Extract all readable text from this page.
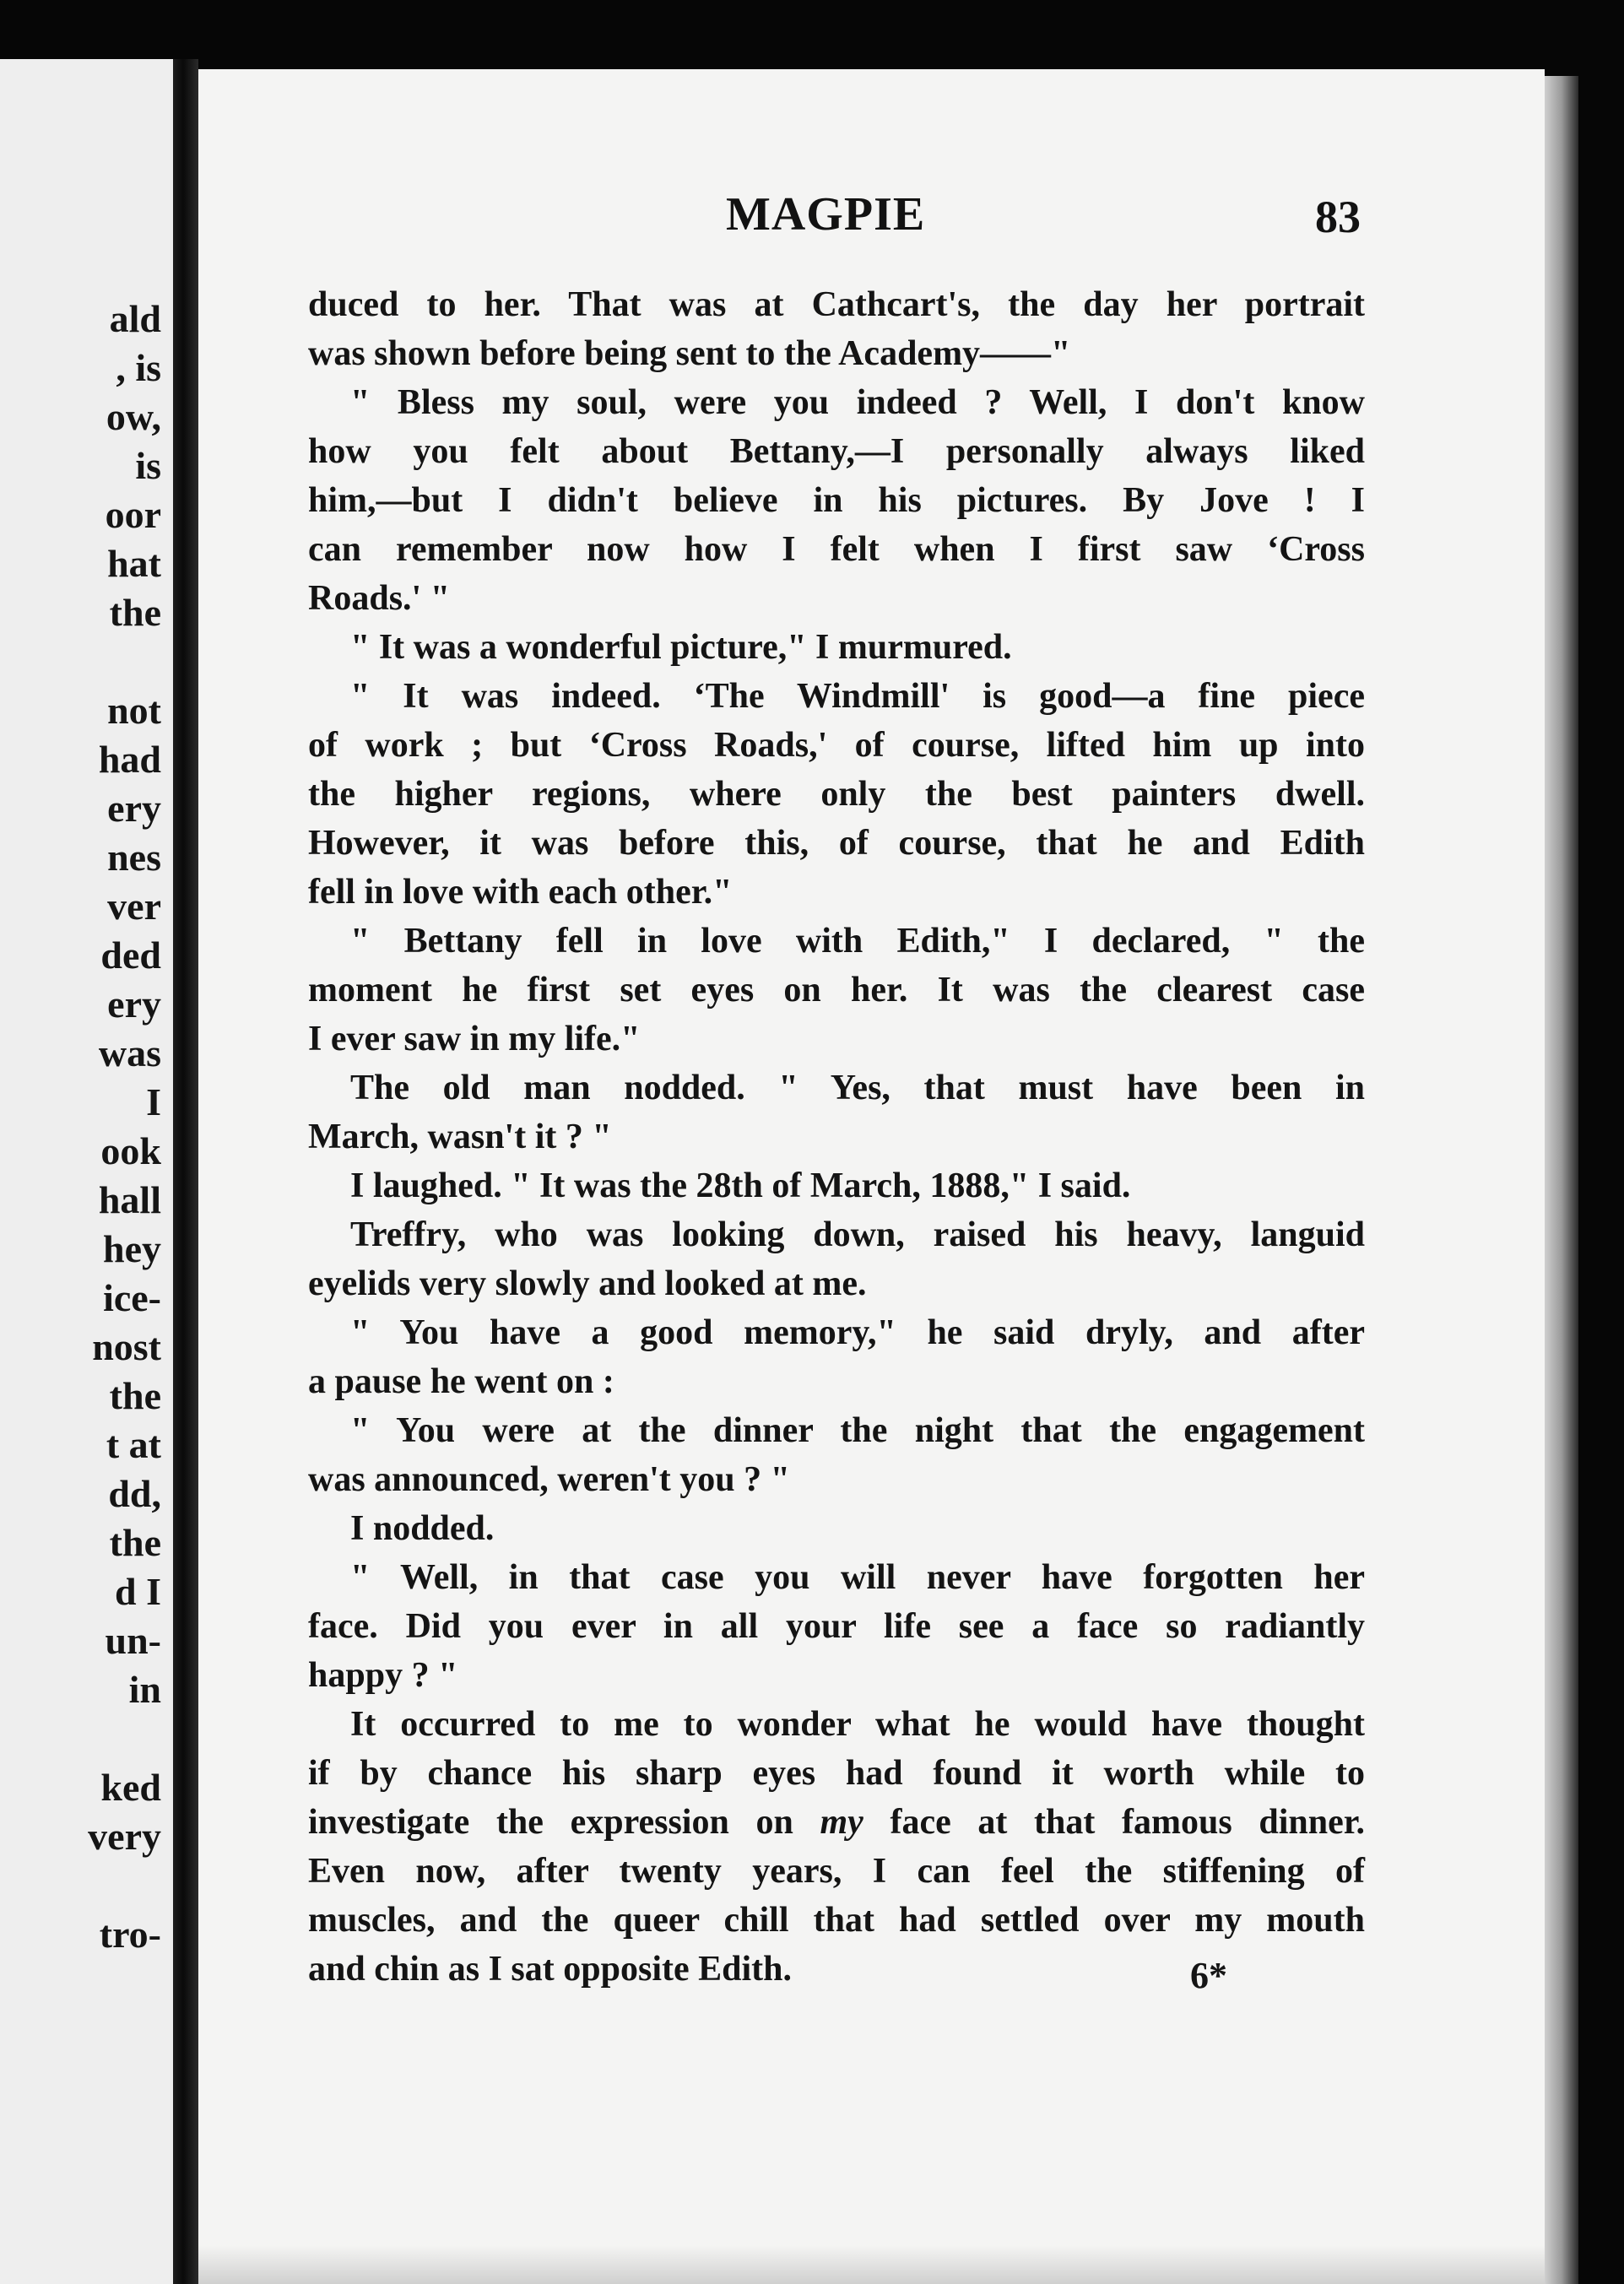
ald
, is
ow,
is
oor
hat
the
not
had
ery
nes
ver
ded
ery
was
I
ook
hall
hey
ice-
nost
the
t at
dd,
the
d I
un-
in
ked
very
tro-
MAGPIE	83
duced to her. That was at Cathcart's, the day her portrait
was shown before being sent to the Academy——"
" Bless my soul, were you indeed ? Well, I don't know
how you felt about Bettany,—I personally always liked
him,—but I didn't believe in his pictures. By Jove ! I
can remember now how I felt when I first saw ‘Cross
Roads.' "
" It was a wonderful picture," I murmured.
" It was indeed. ‘The Windmill' is good—a fine piece
of work ; but ‘Cross Roads,' of course, lifted him up into
the higher regions, where only the best painters dwell.
However, it was before this, of course, that he and Edith
fell in love with each other."
" Bettany fell in love with Edith," I declared, " the
moment he first set eyes on her. It was the clearest case
I ever saw in my life."
The old man nodded. " Yes, that must have been in
March, wasn't it ? "
I laughed. " It was the 28th of March, 1888," I said.
Treffry, who was looking down, raised his heavy, languid
eyelids very slowly and looked at me.
" You have a good memory," he said dryly, and after
a pause he went on :
" You were at the dinner the night that the engagement
was announced, weren't you ? "
I nodded.
" Well, in that case you will never have forgotten her
face. Did you ever in all your life see a face so radiantly
happy ? "
It occurred to me to wonder what he would have thought
if by chance his sharp eyes had found it worth while to
investigate the expression on my face at that famous dinner.
Even now, after twenty years, I can feel the stiffening of
muscles, and the queer chill that had settled over my mouth
and chin as I sat opposite Edith.	6*
